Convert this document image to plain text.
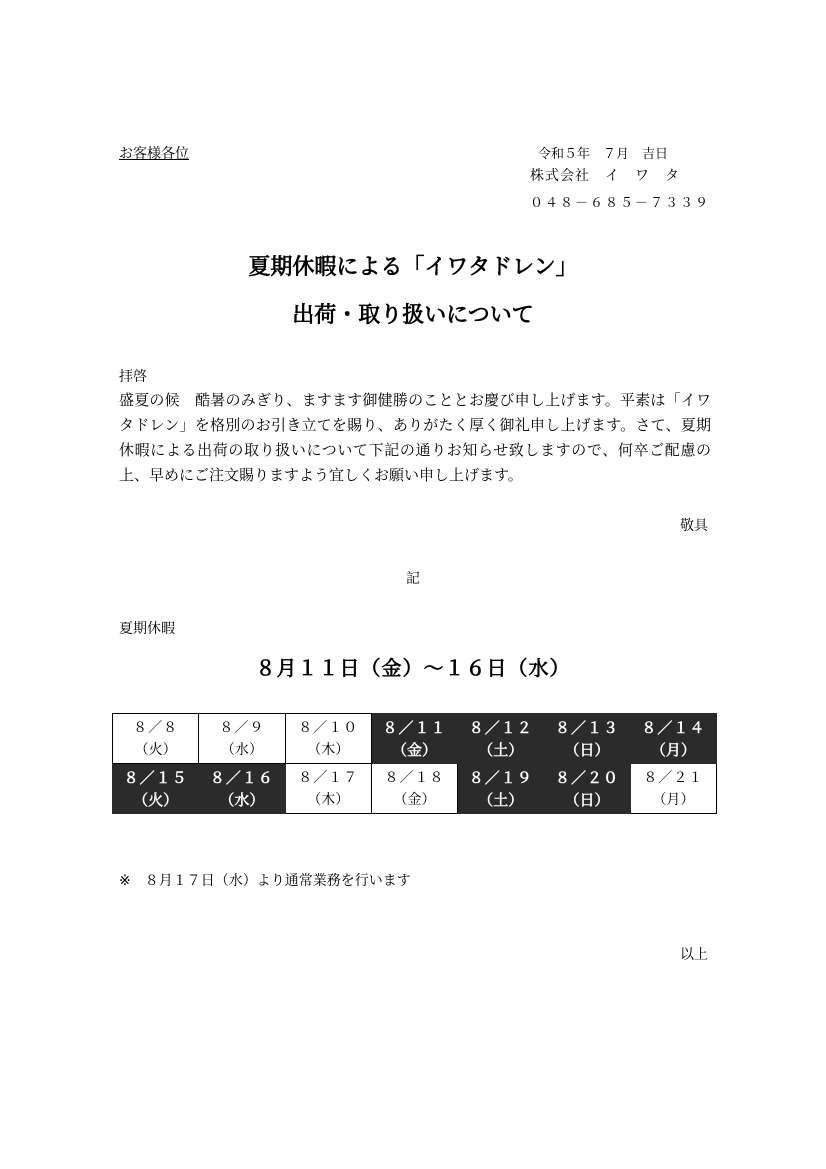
お客様各位	令和５年　７月　吉日
株式会社　イ　ワ　タ
０４８－６８５－７３３９
夏期休暇による「イワタドレン」
出荷・取り扱いについて
拝啓
盛夏の候　酷暑のみぎり、ますます御健勝のこととお慶び申し上げます。平素は「イワタドレン」を格別のお引き立てを賜り、ありがたく厚く御礼申し上げます。さて、夏期休暇による出荷の取り扱いについて下記の通りお知らせ致しますので、何卒ご配慮の上、早めにご注文賜りますよう宜しくお願い申し上げます。
敬具
記
夏期休暇
８月１１日（金）～１６日（水）
８／８
（火）	８／９
（水）	８／１０
（木）	８／１１
（金）	８／１２
（土）	８／１３
（日）	８／１４
（月）

８／１５
（火）	８／１６
（水）	８／１７
（木）	８／１８
（金）	８／１９
（土）	８／２０
（日）	８／２１
（月）
※　８月１７日（水）より通常業務を行います
以上
